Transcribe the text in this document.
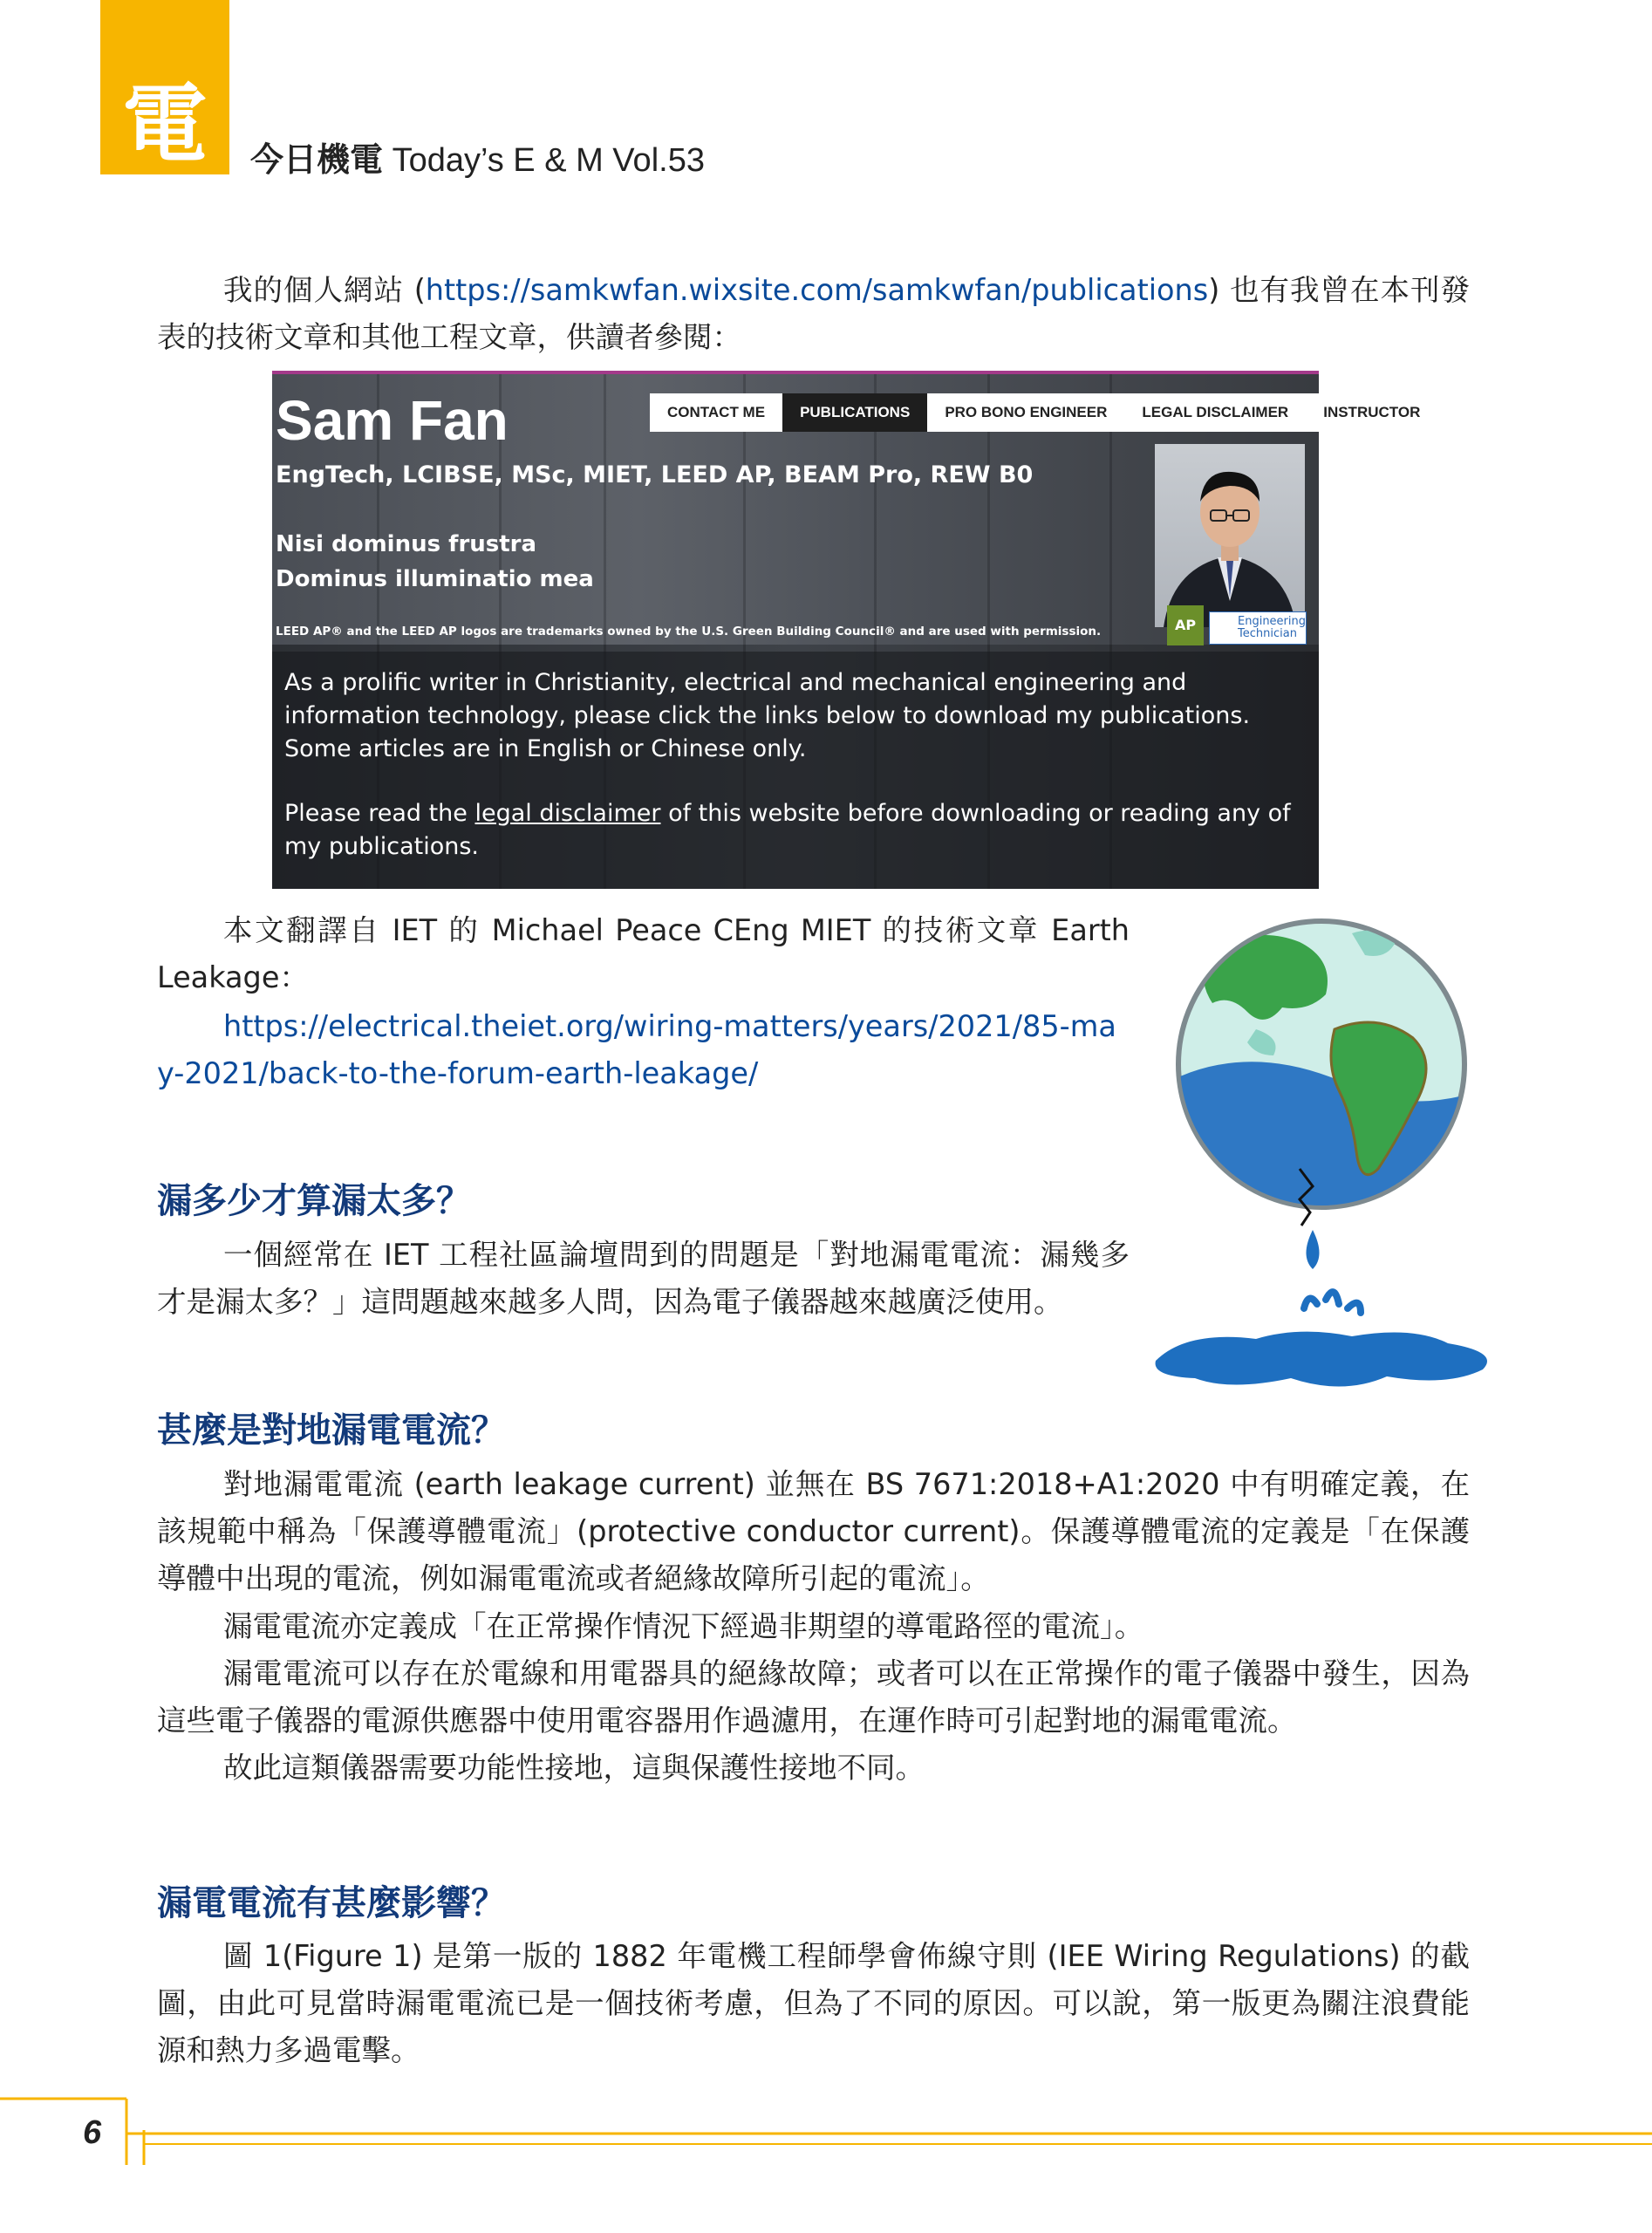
電	今日機電 Today’s E & M Vol.53

我的個人網站 (https://samkwfan.wixsite.com/samkwfan/publications) 也有我曾在本刊發表的技術文章和其他工程文章，供讀者參閱：

Sam Fan
EngTech, LCIBSE, MSc, MIET, LEED AP, BEAM Pro, REW B0
Nisi dominus frustra
Dominus illuminatio mea
LEED AP® and the LEED AP logos are trademarks owned by the U.S. Green Building Council® and are used with permission.
CONTACT ME	PUBLICATIONS	PRO BONO ENGINEER	LEGAL DISCLAIMER	INSTRUCTOR
AP	Engineering
Technician

As a prolific writer in Christianity, electrical and mechanical engineering and information technology, please click the links below to download my publications. Some articles are in English or Chinese only.

Please read the legal disclaimer of this website before downloading or reading any of my publications.

本文翻譯自 IET 的 Michael Peace CEng MIET 的技術文章 Earth Leakage：

https://electrical.theiet.org/wiring-matters/years/2021/85-may-2021/back-to-the-forum-earth-leakage/

漏多少才算漏太多？

一個經常在 IET 工程社區論壇問到的問題是「對地漏電電流：漏幾多才是漏太多？」這問題越來越多人問，因為電子儀器越來越廣泛使用。

甚麼是對地漏電電流？

對地漏電電流 (earth leakage current) 並無在 BS 7671:2018+A1:2020 中有明確定義，在該規範中稱為「保護導體電流」(protective conductor current)。保護導體電流的定義是「在保護導體中出現的電流，例如漏電電流或者絕緣故障所引起的電流」。

漏電電流亦定義成「在正常操作情況下經過非期望的導電路徑的電流」。

漏電電流可以存在於電線和用電器具的絕緣故障；或者可以在正常操作的電子儀器中發生，因為這些電子儀器的電源供應器中使用電容器用作過濾用，在運作時可引起對地的漏電電流。

故此這類儀器需要功能性接地，這與保護性接地不同。

漏電電流有甚麼影響？

圖 1(Figure 1) 是第一版的 1882 年電機工程師學會佈線守則 (IEE Wiring Regulations) 的截圖，由此可見當時漏電電流已是一個技術考慮，但為了不同的原因。可以說，第一版更為關注浪費能源和熱力多過電擊。

6
